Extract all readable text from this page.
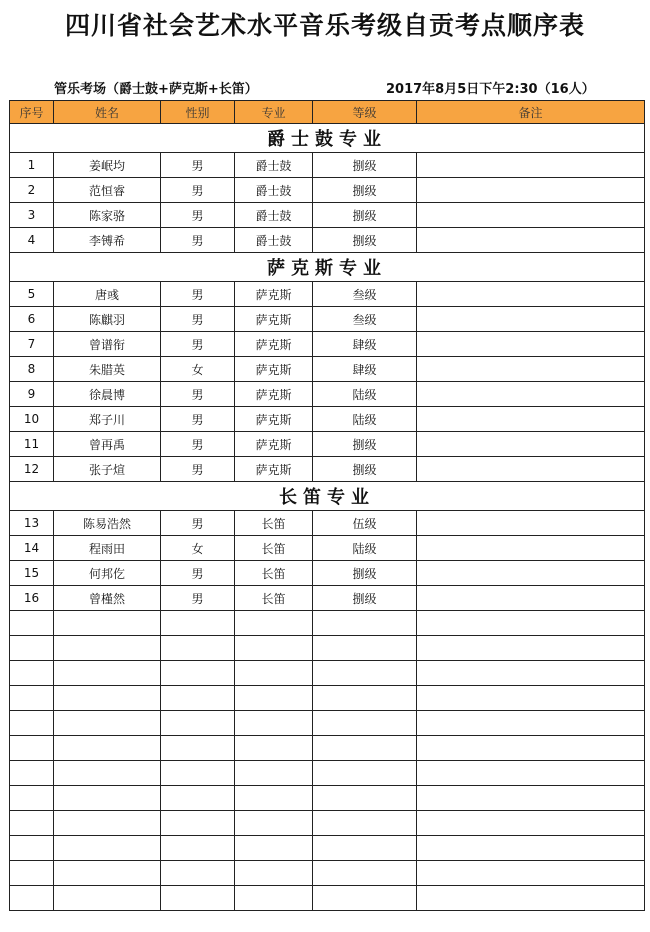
四川省社会艺术水平音乐考级自贡考点顺序表
管乐考场（爵士鼓+萨克斯+长笛）	2017年8月5日下午2:30（16人）
序号	姓名	性别	专业	等级	备注
爵士鼓专业					
1	姜岷均	男	爵士鼓	捌级	
2	范恒睿	男	爵士鼓	捌级	
3	陈家骆	男	爵士鼓	捌级	
4	李镈希	男	爵士鼓	捌级	
萨克斯专业					
5	唐彧	男	萨克斯	叁级	
6	陈麒羽	男	萨克斯	叁级	
7	曾谱衔	男	萨克斯	肆级	
8	朱腊英	女	萨克斯	肆级	
9	徐晨博	男	萨克斯	陆级	
10	郑子川	男	萨克斯	陆级	
11	曾再禹	男	萨克斯	捌级	
12	张子煊	男	萨克斯	捌级	
长笛专业					
13	陈易浩然	男	长笛	伍级	
14	程雨田	女	长笛	陆级	
15	何邦仡	男	长笛	捌级	
16	曾槿然	男	长笛	捌级	
